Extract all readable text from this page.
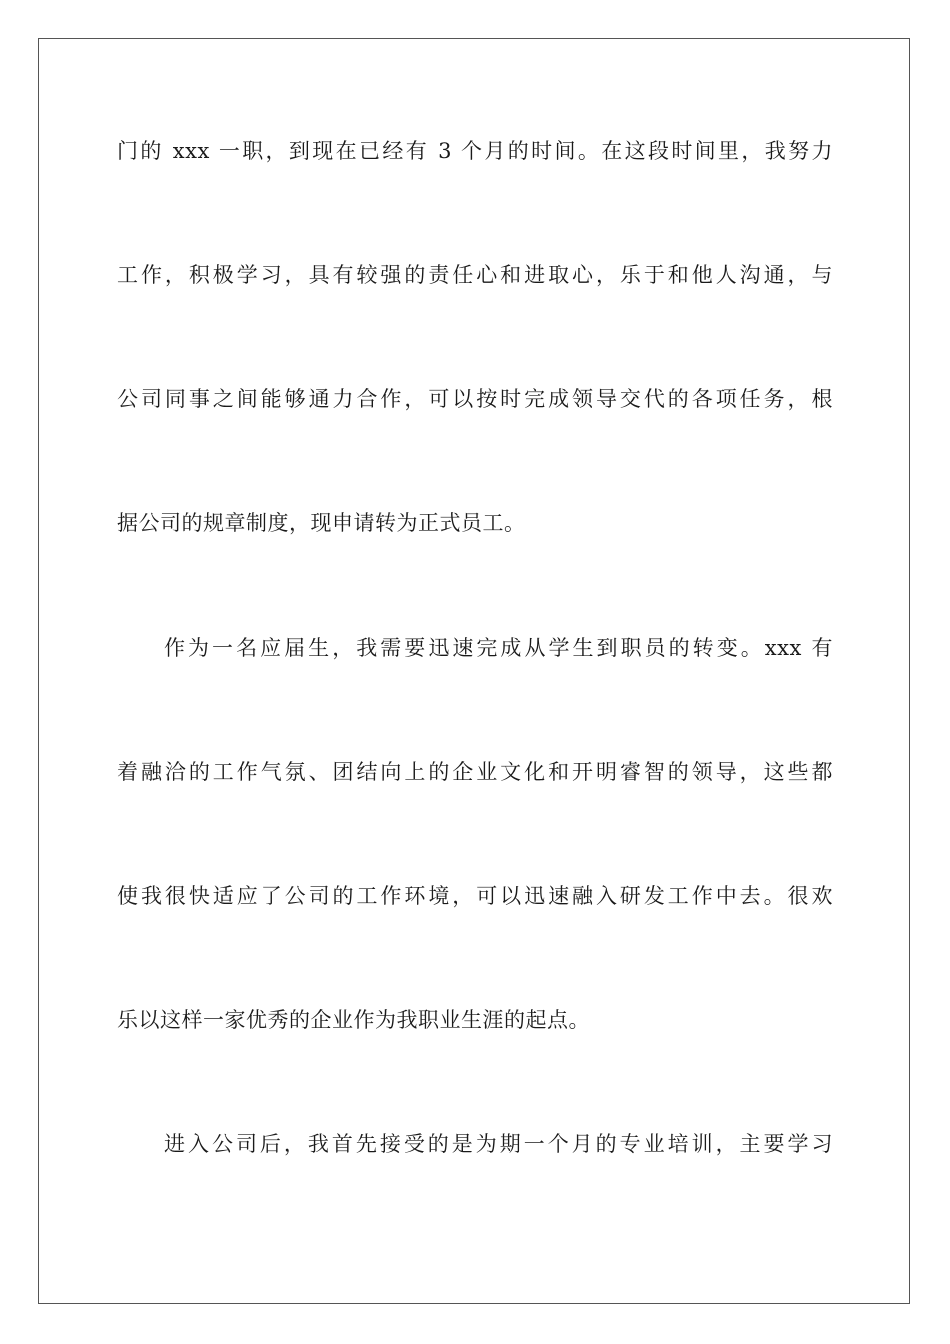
门的 xxx 一职，到现在已经有 3 个月的时间。在这段时间里，我努力
工作，积极学习，具有较强的责任心和进取心，乐于和他人沟通，与
公司同事之间能够通力合作，可以按时完成领导交代的各项任务，根
据公司的规章制度，现申请转为正式员工。
作为一名应届生，我需要迅速完成从学生到职员的转变。xxx 有
着融洽的工作气氛、团结向上的企业文化和开明睿智的领导，这些都
使我很快适应了公司的工作环境，可以迅速融入研发工作中去。很欢
乐以这样一家优秀的企业作为我职业生涯的起点。
进入公司后，我首先接受的是为期一个月的专业培训，主要学习
